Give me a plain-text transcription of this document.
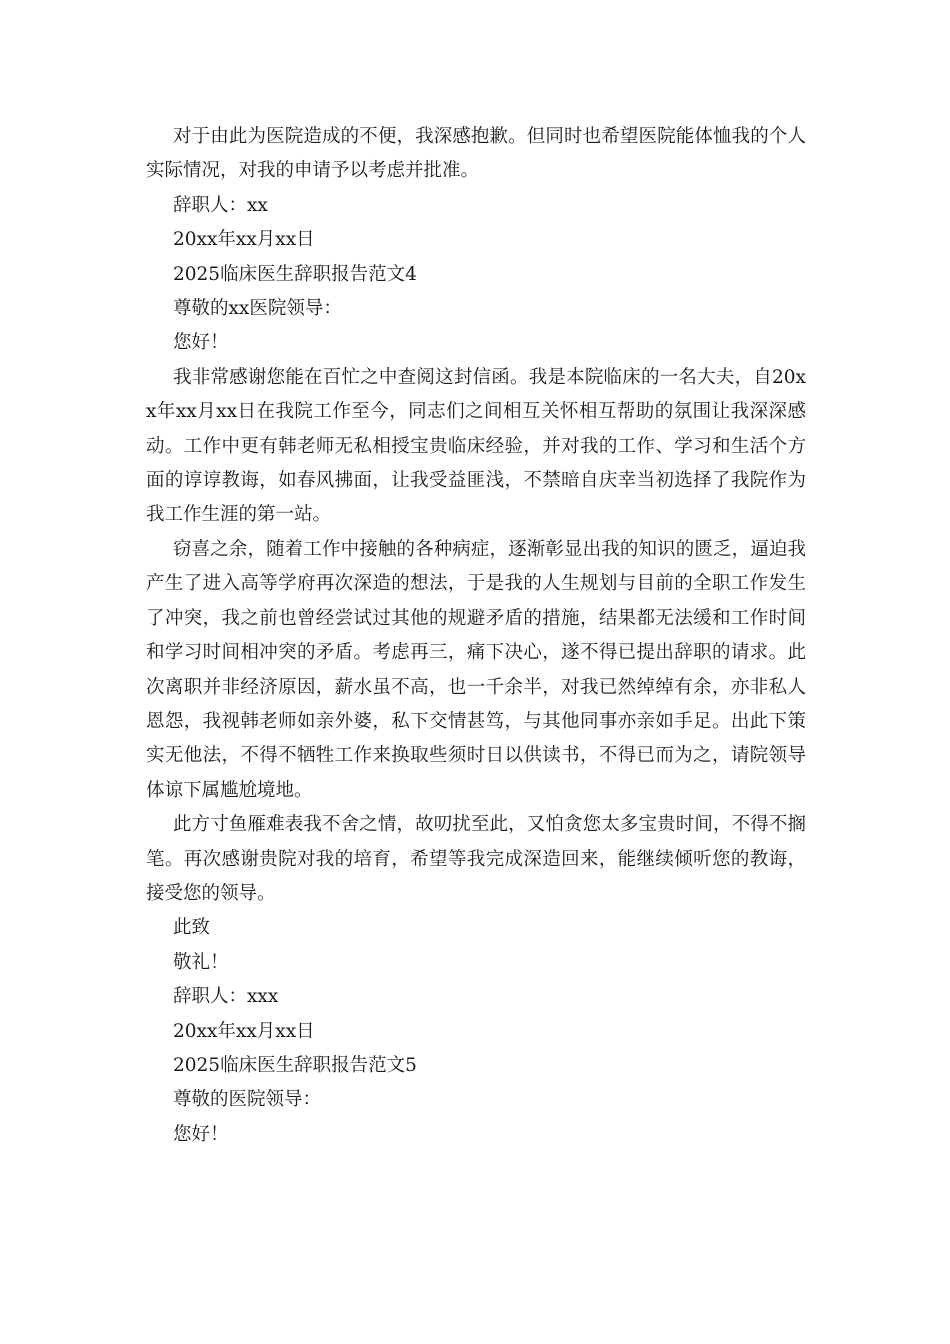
对于由此为医院造成的不便，我深感抱歉。但同时也希望医院能体恤我的个人实际情况，对我的申请予以考虑并批准。

辞职人：xx

20xx年xx月xx日

2025临床医生辞职报告范文4

尊敬的xx医院领导：

您好！

我非常感谢您能在百忙之中查阅这封信函。我是本院临床的一名大夫，自20xx年xx月xx日在我院工作至今，同志们之间相互关怀相互帮助的氛围让我深深感动。工作中更有韩老师无私相授宝贵临床经验，并对我的工作、学习和生活个方面的谆谆教诲，如春风拂面，让我受益匪浅，不禁暗自庆幸当初选择了我院作为我工作生涯的第一站。

窃喜之余，随着工作中接触的各种病症，逐渐彰显出我的知识的匮乏，逼迫我产生了进入高等学府再次深造的想法，于是我的人生规划与目前的全职工作发生了冲突，我之前也曾经尝试过其他的规避矛盾的措施，结果都无法缓和工作时间和学习时间相冲突的矛盾。考虑再三，痛下决心，遂不得已提出辞职的请求。此次离职并非经济原因，薪水虽不高，也一千余半，对我已然绰绰有余，亦非私人恩怨，我视韩老师如亲外婆，私下交情甚笃，与其他同事亦亲如手足。出此下策实无他法，不得不牺牲工作来换取些须时日以供读书，不得已而为之，请院领导体谅下属尴尬境地。

此方寸鱼雁难表我不舍之情，故叨扰至此，又怕贪您太多宝贵时间，不得不搁笔。再次感谢贵院对我的培育，希望等我完成深造回来，能继续倾听您的教诲，接受您的领导。

此致

敬礼！

辞职人：xxx

20xx年xx月xx日

2025临床医生辞职报告范文5

尊敬的医院领导：

您好！
